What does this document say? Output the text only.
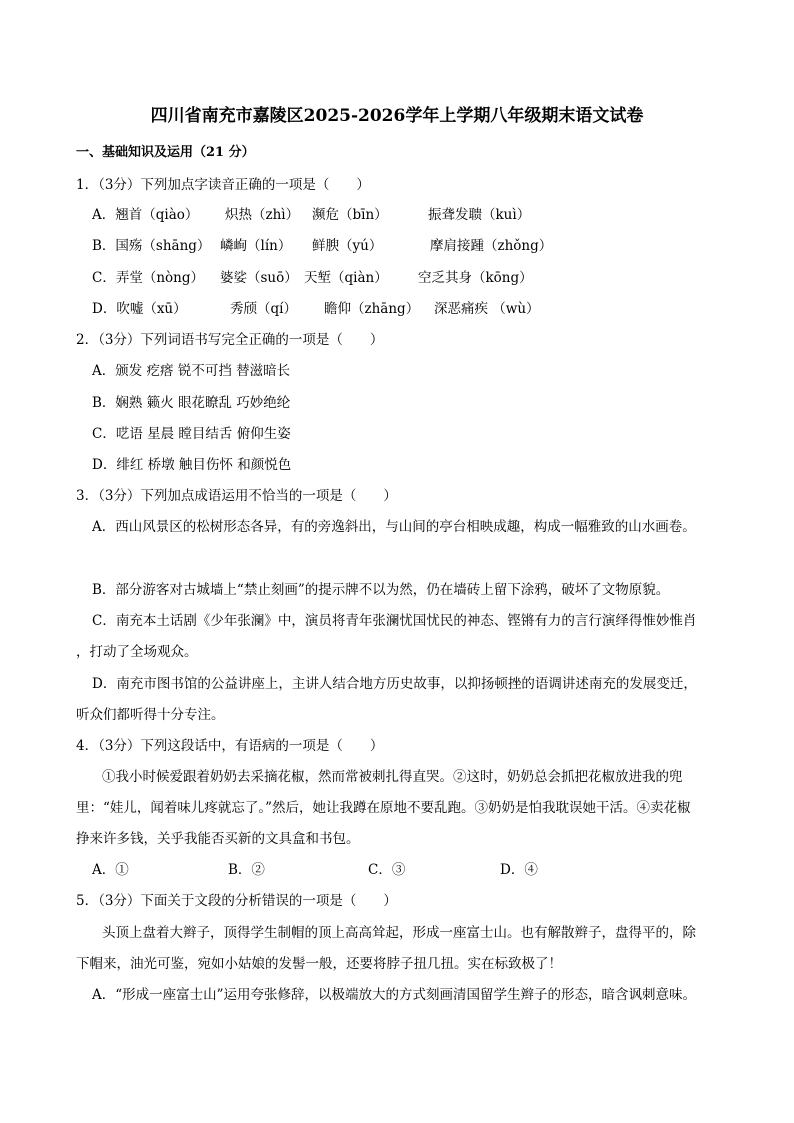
四川省南充市嘉陵区2025-2026学年上学期八年级期末语文试卷
一、基础知识及运用（21 分）
1．（3分）下列加点字读音正确的一项是（　　）
A．翘首（qiào） 炽热（zhì） 濒危（bīn）	振聋发聩（kuì）
B．国殇（shāng） 嶙峋（lín） 鲜腴（yú）	摩肩接踵（zhǒng）
C．弄堂（nòng） 婆娑（suō） 天堑（qiàn） 空乏其身（kōng）
D．吹嘘（xū）	秀颀（qí） 瞻仰（zhāng） 深恶痛疾 （wù）
2．（3分）下列词语书写完全正确的一项是（　　）
A．颁发 疙瘩 锐不可挡 替滋暗长
B．娴熟 籁火 眼花瞭乱 巧妙绝纶
C．呓语 星晨 瞠目结舌 俯仰生姿
D．绯红 桥墩 触目伤怀 和颜悦色
3．（3分）下列加点成语运用不恰当的一项是（　　）
A．西山风景区的松树形态各异，有的旁逸斜出，与山间的亭台相映成趣，构成一幅雅致的山水画卷。
B．部分游客对古城墙上“禁止刻画”的提示牌不以为然，仍在墙砖上留下涂鸦，破坏了文物原貌。
C．南充本土话剧《少年张澜》中，演员将青年张澜忧国忧民的神态、铿锵有力的言行演绎得惟妙惟肖
，打动了全场观众。
D．南充市图书馆的公益讲座上，主讲人结合地方历史故事，以抑扬顿挫的语调讲述南充的发展变迁，
听众们都听得十分专注。
4．（3分）下列这段话中，有语病的一项是（　　）
①我小时候爱跟着奶奶去采摘花椒，然而常被刺扎得直哭。②这时，奶奶总会抓把花椒放进我的兜
里：“娃儿，闻着味儿疼就忘了。”然后，她让我蹲在原地不要乱跑。③奶奶是怕我耽误她干活。④卖花椒
挣来许多钱，关乎我能否买新的文具盒和书包。
A．①	B．②	C．③	D．④
5．（3分）下面关于文段的分析错误的一项是（　　）
头顶上盘着大辫子，顶得学生制帽的顶上高高耸起，形成一座富士山。也有解散辫子，盘得平的，除
下帽来，油光可鉴，宛如小姑娘的发髻一般，还要将脖子扭几扭。实在标致极了！
A．“形成一座富士山”运用夸张修辞，以极端放大的方式刻画清国留学生辫子的形态，暗含讽刺意味。
